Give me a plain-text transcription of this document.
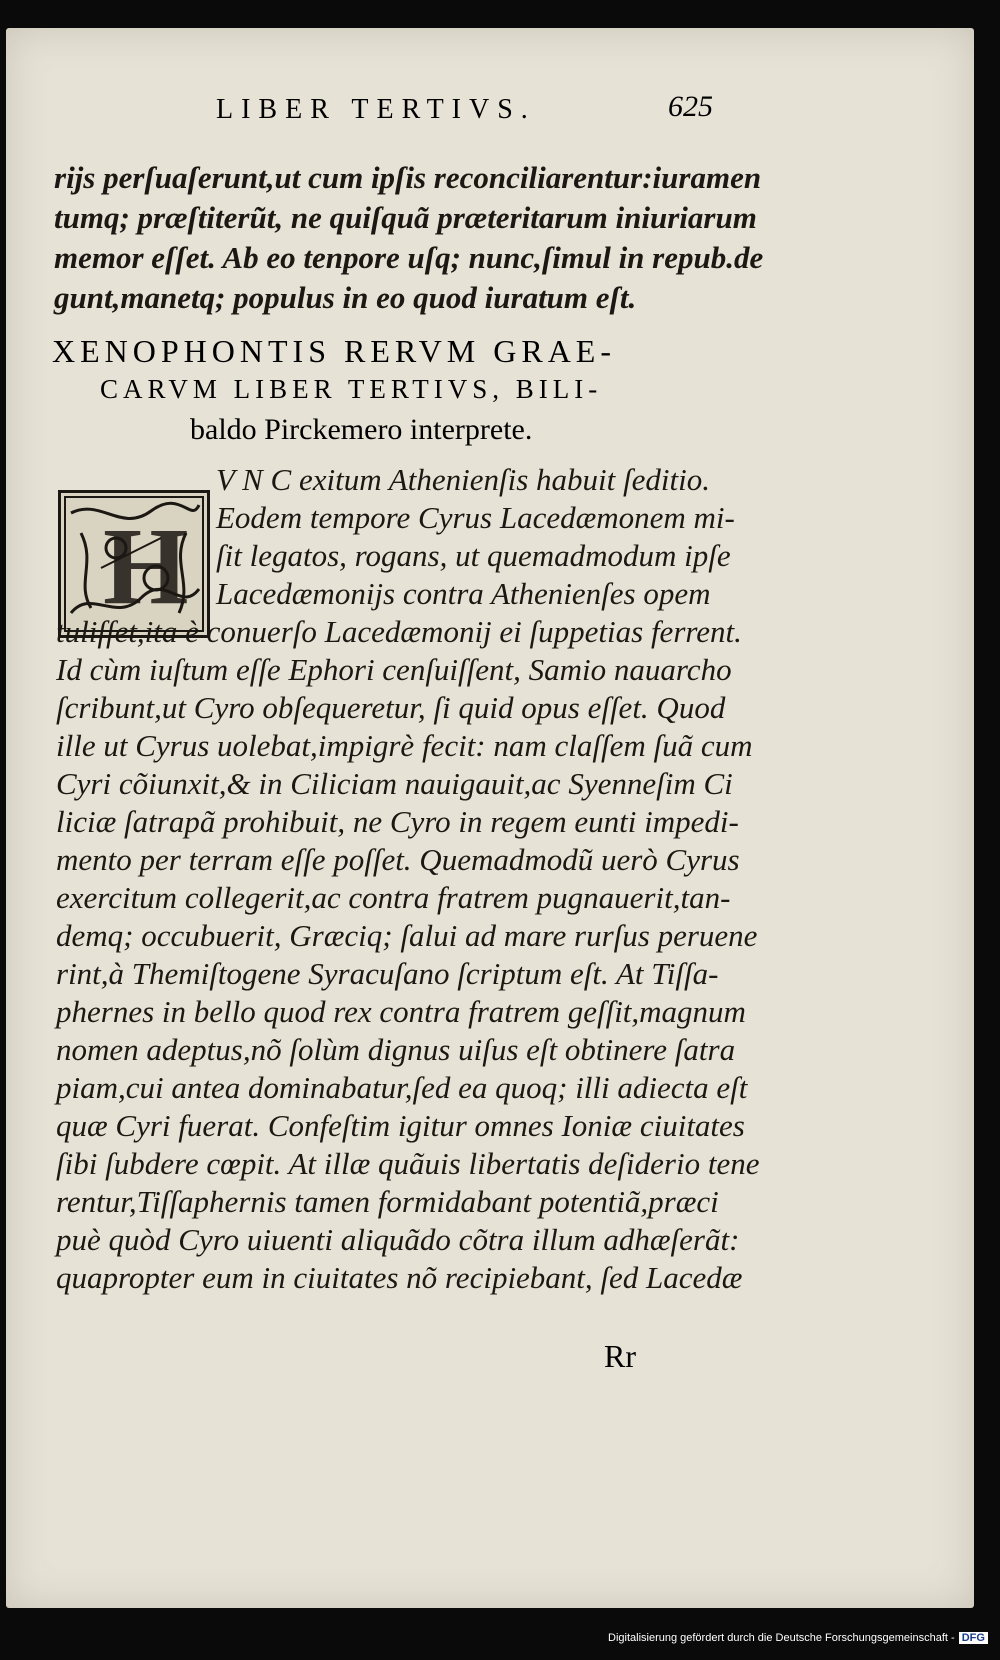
LIBER TERTIVS.	625
rijs perſuaſerunt,ut cum ipſis reconciliarentur:iuramen
tumq; præſtiterũt, ne quiſquã præteritarum iniuriarum
memor eſſet. Ab eo tenpore uſq; nunc,ſimul in repub.de
gunt,manetq; populus in eo quod iuratum eſt.
XENOPHONTIS RERVM GRAE-
CARVM LIBER TERTIVS, BILI-
baldo Pirckemero interprete.
H
V N C exitum Athenienſis habuit ſeditio.
Eodem tempore Cyrus Lacedæmonem mi-
ſit legatos, rogans, ut quemadmodum ipſe
Lacedæmonijs contra Athenienſes opem
tuliſſet,ita è conuerſo Lacedæmonij ei ſuppetias ferrent.
Id cùm iuſtum eſſe Ephori cenſuiſſent, Samio nauarcho
ſcribunt,ut Cyro obſequeretur, ſi quid opus eſſet. Quod
ille ut Cyrus uolebat,impigrè fecit: nam claſſem ſuã cum
Cyri cõiunxit,& in Ciliciam nauigauit,ac Syenneſim Ci
liciæ ſatrapã prohibuit, ne Cyro in regem eunti impedi-
mento per terram eſſe poſſet. Quemadmodũ uerò Cyrus
exercitum collegerit,ac contra fratrem pugnauerit,tan-
demq; occubuerit, Græciq; ſalui ad mare rurſus peruene
rint,à Themiſtogene Syracuſano ſcriptum eſt. At Tiſſa-
phernes in bello quod rex contra fratrem geſſit,magnum
nomen adeptus,nõ ſolùm dignus uiſus eſt obtinere ſatra
piam,cui antea dominabatur,ſed ea quoq; illi adiecta eſt
quæ Cyri fuerat. Confeſtim igitur omnes Ioniæ ciuitates
ſibi ſubdere cœpit. At illæ quãuis libertatis deſiderio tene
rentur,Tiſſaphernis tamen formidabant potentiã,præci
puè quòd Cyro uiuenti aliquãdo cõtra illum adhæſerãt:
quapropter eum in ciuitates nõ recipiebant, ſed Lacedæ
Rr
Digitalisierung gefördert durch die Deutsche Forschungsgemeinschaft - DFG
